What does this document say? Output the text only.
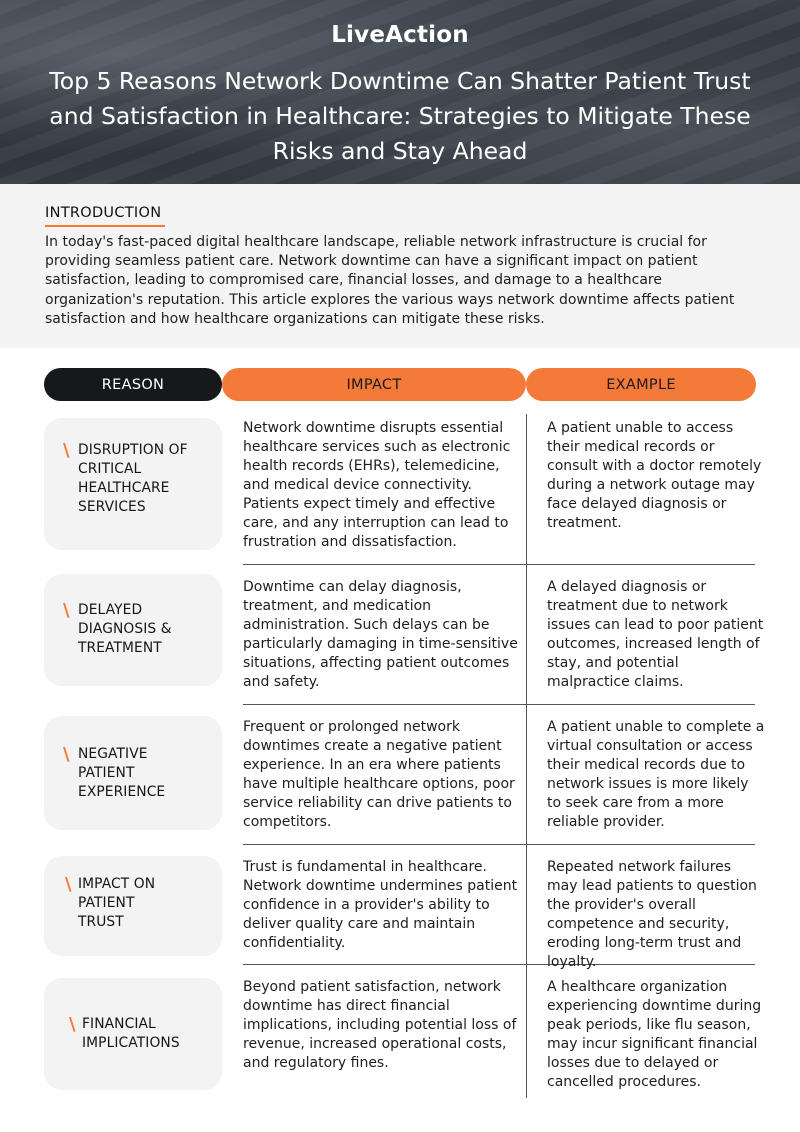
LiveAction
Top 5 Reasons Network Downtime Can Shatter Patient Trust and Satisfaction in Healthcare: Strategies to Mitigate These Risks and Stay Ahead
INTRODUCTION
In today's fast-paced digital healthcare landscape, reliable network infrastructure is crucial for providing seamless patient care. Network downtime can have a significant impact on patient satisfaction, leading to compromised care, financial losses, and damage to a healthcare organization's reputation. This article explores the various ways network downtime affects patient satisfaction and how healthcare organizations can mitigate these risks.
REASON	IMPACT	EXAMPLE
\ DISRUPTION OF CRITICAL HEALTHCARE SERVICES
Network downtime disrupts essential healthcare services such as electronic health records (EHRs), telemedicine, and medical device connectivity. Patients expect timely and effective care, and any interruption can lead to frustration and dissatisfaction.
A patient unable to access their medical records or consult with a doctor remotely during a network outage may face delayed diagnosis or treatment.
\ DELAYED DIAGNOSIS & TREATMENT
Downtime can delay diagnosis, treatment, and medication administration. Such delays can be particularly damaging in time-sensitive situations, affecting patient outcomes and safety.
A delayed diagnosis or treatment due to network issues can lead to poor patient outcomes, increased length of stay, and potential malpractice claims.
\ NEGATIVE PATIENT EXPERIENCE
Frequent or prolonged network downtimes create a negative patient experience. In an era where patients have multiple healthcare options, poor service reliability can drive patients to competitors.
A patient unable to complete a virtual consultation or access their medical records due to network issues is more likely to seek care from a more reliable provider.
\ IMPACT ON PATIENT TRUST
Trust is fundamental in healthcare. Network downtime undermines patient confidence in a provider's ability to deliver quality care and maintain confidentiality.
Repeated network failures may lead patients to question the provider's overall competence and security, eroding long-term trust and loyalty.
\ FINANCIAL IMPLICATIONS
Beyond patient satisfaction, network downtime has direct financial implications, including potential loss of revenue, increased operational costs, and regulatory fines.
A healthcare organization experiencing downtime during peak periods, like flu season, may incur significant financial losses due to delayed or cancelled procedures.
